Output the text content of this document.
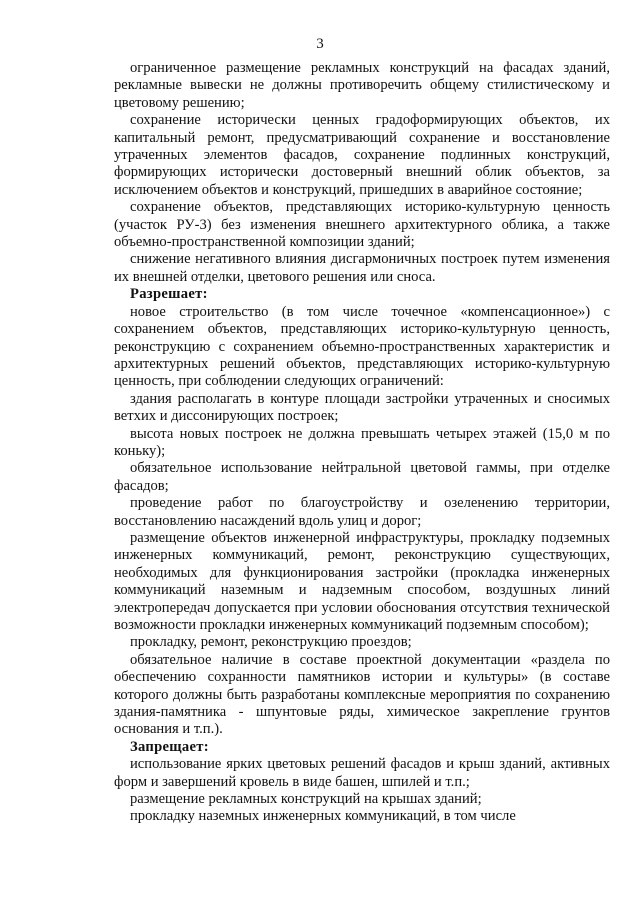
3

ограниченное размещение рекламных конструкций на фасадах зданий, рекламные вывески не должны противоречить общему стилистическому и цветовому решению;

сохранение исторически ценных градоформирующих объектов, их капитальный ремонт, предусматривающий сохранение и восстановление утраченных элементов фасадов, сохранение подлинных конструкций, формирующих исторически достоверный внешний облик объектов, за исключением объектов и конструкций, пришедших в аварийное состояние;

сохранение объектов, представляющих историко-культурную ценность (участок РУ-3) без изменения внешнего архитектурного облика, а также объемно-пространственной композиции зданий;

снижение негативного влияния дисгармоничных построек путем изменения их внешней отделки, цветового решения или сноса.

Разрешает:

новое строительство (в том числе точечное «компенсационное») с сохранением объектов, представляющих историко-культурную ценность, реконструкцию с сохранением объемно-пространственных характеристик и архитектурных решений объектов, представляющих историко-культурную ценность, при соблюдении следующих ограничений:

здания располагать в контуре площади застройки утраченных и сносимых ветхих и диссонирующих построек;

высота новых построек не должна превышать четырех этажей (15,0 м по коньку);

обязательное использование нейтральной цветовой гаммы, при отделке фасадов;

проведение работ по благоустройству и озеленению территории, восстановлению насаждений вдоль улиц и дорог;

размещение объектов инженерной инфраструктуры, прокладку подземных инженерных коммуникаций, ремонт, реконструкцию существующих, необходимых для функционирования застройки (прокладка инженерных коммуникаций наземным и надземным способом, воздушных линий электропередач допускается при условии обоснования отсутствия технической возможности прокладки инженерных коммуникаций подземным способом);

прокладку, ремонт, реконструкцию проездов;

обязательное наличие в составе проектной документации «раздела по обеспечению сохранности памятников истории и культуры» (в составе которого должны быть разработаны комплексные мероприятия по сохранению здания-памятника - шпунтовые ряды, химическое закрепление грунтов основания и т.п.).

Запрещает:

использование ярких цветовых решений фасадов и крыш зданий, активных форм и завершений кровель в виде башен, шпилей и т.п.;

размещение рекламных конструкций на крышах зданий;

прокладку наземных инженерных коммуникаций, в том числе
